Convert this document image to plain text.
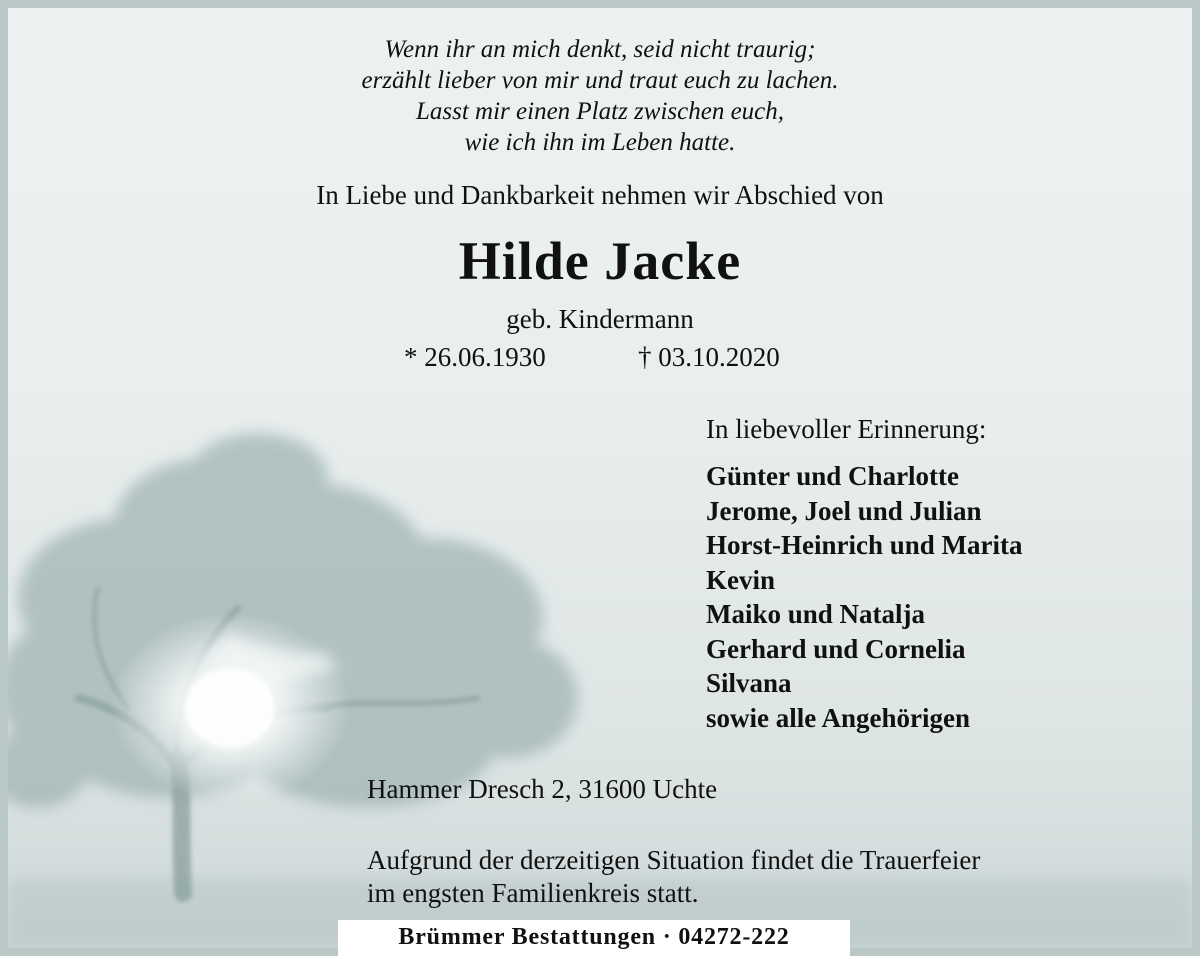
Wenn ihr an mich denkt, seid nicht traurig;
erzählt lieber von mir und traut euch zu lachen.
Lasst mir einen Platz zwischen euch,
wie ich ihn im Leben hatte.
In Liebe und Dankbarkeit nehmen wir Abschied von
Hilde Jacke
geb. Kindermann
* 26.06.1930	† 03.10.2020
In liebevoller Erinnerung:
Günter und Charlotte
Jerome, Joel und Julian
Horst-Heinrich und Marita
Kevin
Maiko und Natalja
Gerhard und Cornelia
Silvana
sowie alle Angehörigen
Hammer Dresch 2, 31600 Uchte
Aufgrund der derzeitigen Situation findet die Trauerfeier
im engsten Familienkreis statt.
Brümmer Bestattungen · 04272-222
